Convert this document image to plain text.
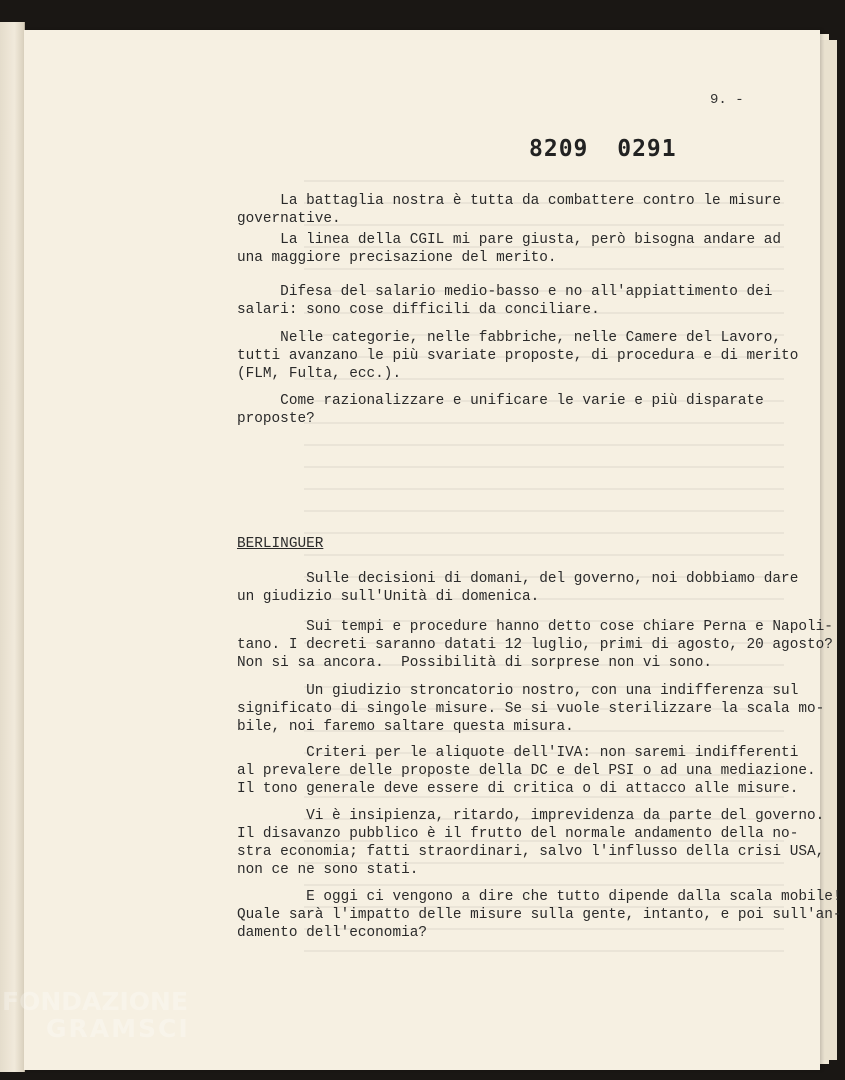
9. -
8209 0291
La battaglia nostra è tutta da combattere contro le misure
governative.
La linea della CGIL mi pare giusta, però bisogna andare ad
una maggiore precisazione del merito.
Difesa del salario medio-basso e no all'appiattimento dei
salari: sono cose difficili da conciliare.
Nelle categorie, nelle fabbriche, nelle Camere del Lavoro,
tutti avanzano le più svariate proposte, di procedura e di merito
(FLM, Fulta, ecc.).
Come razionalizzare e unificare le varie e più disparate
proposte?
BERLINGUER
Sulle decisioni di domani, del governo, noi dobbiamo dare
un giudizio sull'Unità di domenica.
Sui tempi e procedure hanno detto cose chiare Perna e Napoli-
tano. I decreti saranno datati 12 luglio, primi di agosto, 20 agosto?
Non si sa ancora.  Possibilità di sorprese non vi sono.
Un giudizio stroncatorio nostro, con una indifferenza sul
significato di singole misure. Se si vuole sterilizzare la scala mo-
bile, noi faremo saltare questa misura.
Criteri per le aliquote dell'IVA: non saremi indifferenti
al prevalere delle proposte della DC e del PSI o ad una mediazione.
Il tono generale deve essere di critica o di attacco alle misure.
Vi è insipienza, ritardo, imprevidenza da parte del governo.
Il disavanzo pubblico è il frutto del normale andamento della no-
stra economia; fatti straordinari, salvo l'influsso della crisi USA,
non ce ne sono stati.
E oggi ci vengono a dire che tutto dipende dalla scala mobile!
Quale sarà l'impatto delle misure sulla gente, intanto, e poi sull'an-
damento dell'economia?
FONDAZIONE
GRAMSCI
